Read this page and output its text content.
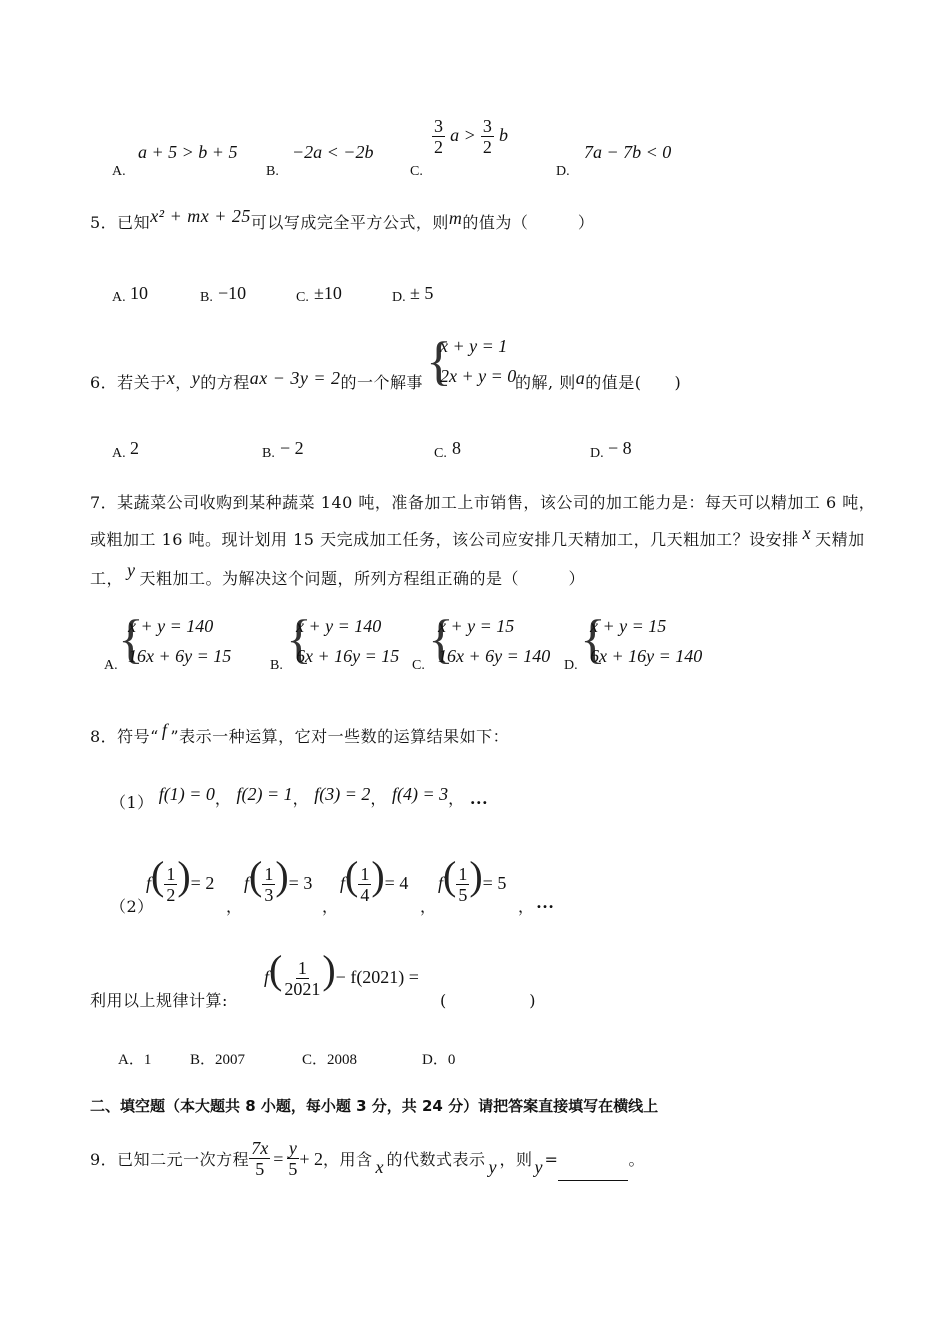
A.
a + 5 > b + 5
B.
−2a < −2b
C.
$\frac{3}{2}$ $a > \frac{3}{2}$ b
D.
7a − 7b < 0
5．已知x² + mx + 25可以写成完全平方公式，则m的值为（　　　）
A. 10	B. −10	C. ±10	D. ± 5
6．若关于x，y的方程ax − 3y = 2的一个解事	的解, 则a的值是(　　)
{
x + y = 1
2x + y = 0
A. 2	B. − 2	C. 8	D. − 8
7．某蔬菜公司收购到某种蔬菜 140 吨，准备加工上市销售，该公司的加工能力是：每天可以精加工 6 吨，
或粗加工 16 吨。现计划用 15 天完成加工任务，该公司应安排几天精加工，几天粗加工？设安排 x 天精加
工， y 天粗加工。为解决这个问题，所列方程组正确的是（　　　）
A. {
x + y = 140
16x + 6y = 15	B. {
x + y = 140
6x + 16y = 15 C. {
x + y = 15
16x + 6y = 140 D. {
x + y = 15
6x + 16y = 140
8．符号“ f ”表示一种运算，它对一些数的运算结果如下：
（1） f(1) = 0， f(2) = 1， f(3) = 2， f(4) = 3， …
（2）
$f( \frac{1}{2}$ )= 2
，
$f( \frac{1}{3}$ )= 3
，
$f( \frac{1}{4}$ )= 4
，
$f( \frac{1}{5}$ )= 5
， …
利用以上规律计算:
$f( \frac{1}{2021}$ )− f(2021) =
(　　　　　)
A．1	B．2007	C．2008	D．0
二、填空题（本大题共 8 小题，每小题 3 分，共 24 分）请把答案直接填写在横线上
9．已知二元一次方程 $\frac{7x}{5} = \frac{y}{5} + 2$，用含 x 的代数式表示 y ，则 y =	。
